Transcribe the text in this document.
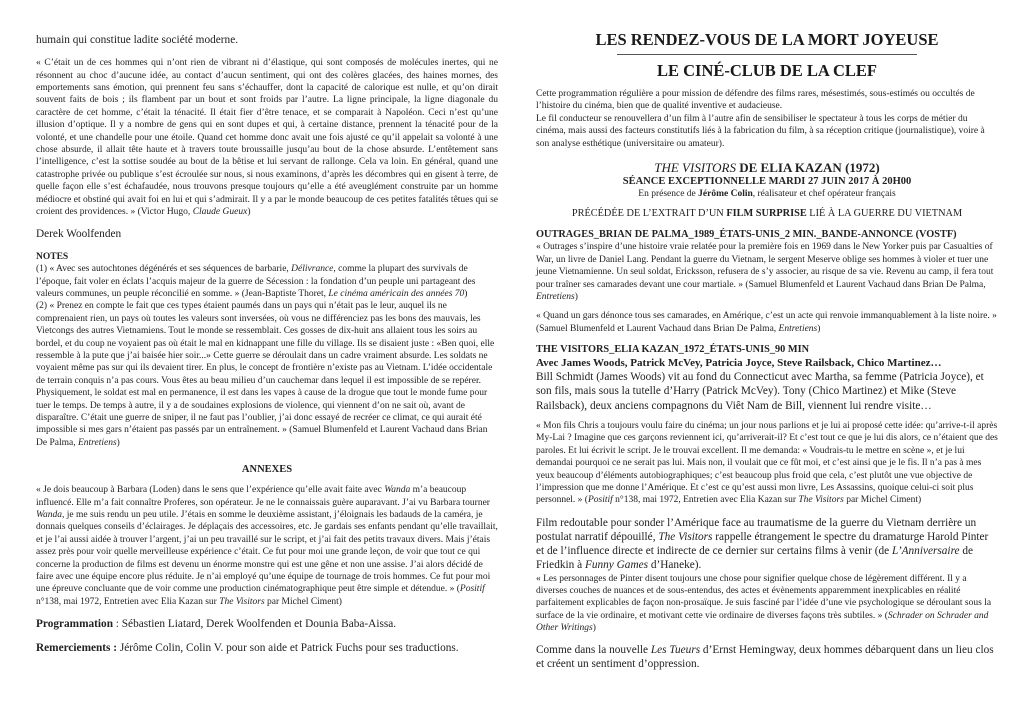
humain qui constitue ladite société moderne.

« C’était un de ces hommes qui n’ont rien de vibrant ni d’élastique, qui sont composés de molécules inertes, qui ne résonnent au choc d’aucune idée, au contact d’aucun sentiment, qui ont des colères glacées, des haines mornes, des emportements sans émotion, qui prennent feu sans s’échauffer, dont la capacité de calorique est nulle, et qu’on dirait souvent faits de bois ; ils flambent par un bout et sont froids par l’autre. La ligne principale, la ligne diagonale du caractère de cet homme, c’était la ténacité. Il était fier d’être tenace, et se comparait à Napoléon. Ceci n’est qu’une illusion d’optique. Il y a nombre de gens qui en sont dupes et qui, à certaine distance, prennent la ténacité pour de la volonté, et une chandelle pour une étoile. Quand cet homme donc avait une fois ajusté ce qu’il appelait sa volonté à une chose absurde, il allait tête haute et à travers toute broussaille jusqu’au bout de la chose absurde. L’entêtement sans l’intelligence, c’est la sottise soudée au bout de la bêtise et lui servant de rallonge. Cela va loin. En général, quand une catastrophe privée ou publique s’est écroulée sur nous, si nous examinons, d’après les décombres qui en gisent à terre, de quelle façon elle s’est échafaudée, nous trouvons presque toujours qu’elle a été aveuglément construite par un homme médiocre et obstiné qui avait foi en lui et qui s’admirait. Il y a par le monde beaucoup de ces petites fatalités têtues qui se croient des providences. » (Victor Hugo, Claude Gueux)

Derek Woolfenden

NOTES

(1) « Avec ses autochtones dégénérés et ses séquences de barbarie, Délivrance, comme la plupart des survivals de l’époque, fait voler en éclats l’acquis majeur de la guerre de Sécession : la fondation d’un peuple uni partageant des valeurs communes, un peuple réconcilié en somme. » (Jean-Baptiste Thoret, Le cinéma américain des années 70)

(2) « Prenez en compte le fait que ces types étaient paumés dans un pays qui n’était pas le leur, auquel ils ne comprenaient rien, un pays où toutes les valeurs sont inversées, où vous ne différenciez pas les bons des mauvais, les Vietcongs des autres Vietnamiens. Tout le monde se ressemblait. Ces gosses de dix-huit ans allaient tous les soirs au bordel, et du coup ne voyaient pas où était le mal en kidnappant une fille du village. Ils se disaient juste : «Ben quoi, elle ressemble à la pute que j’ai baisée hier soir...» Cette guerre se déroulait dans un cadre vraiment absurde. Les soldats ne voyaient même pas sur qui ils devaient tirer. En plus, le concept de frontière n’existe pas au Vietnam. L’idée occidentale de terrain conquis n’a pas cours. Vous êtes au beau milieu d’un cauchemar dans lequel il est impossible de se repérer. Physiquement, le soldat est mal en permanence, il est dans les vapes à cause de la drogue que tout le monde fume pour tuer le temps. De temps à autre, il y a de soudaines explosions de violence, qui viennent d’on ne sait où, avant de disparaître. C’était une guerre de sniper, il ne faut pas l’oublier, j’ai donc essayé de recréer ce climat, ce qui aurait été impossible si mes gars n’étaient pas passés par un entraînement. » (Samuel Blumenfeld et Laurent Vachaud dans Brian De Palma, Entretiens)

ANNEXES

« Je dois beaucoup à Barbara (Loden) dans le sens que l’expérience qu’elle avait faite avec Wanda m’a beaucoup influencé. Elle m’a fait connaître Proferes, son opérateur. Je ne le connaissais guère auparavant. J’ai vu Barbara tourner Wanda, je me suis rendu un peu utile. J’étais en somme le deuxième assistant, j’éloignais les badauds de la caméra, je donnais quelques conseils d’éclairages. Je déplaçais des accessoires, etc. Je gardais ses enfants pendant qu’elle travaillait, et je l’ai aussi aidée à trouver l’argent, j’ai un peu travaillé sur le script, et j’ai fait des petits travaux divers. Mais j’étais assez près pour voir quelle merveilleuse expérience c’était. Ce fut pour moi une grande leçon, de voir que tout ce qui concerne la production de films est devenu un énorme monstre qui est une gêne et non une assise. J’ai alors décidé de faire avec une équipe encore plus réduite. Je n’ai employé qu’une équipe de tournage de trois hommes. Ce fut pour moi une épreuve concluante que de voir comme une production cinématographique peut être simple et détendue. » (Positif n°138, mai 1972, Entretien avec Elia Kazan sur The Visitors par Michel Ciment)

Programmation : Sébastien Liatard, Derek Woolfenden et Dounia Baba-Aissa.

Remerciements : Jérôme Colin, Colin V. pour son aide et Patrick Fuchs pour ses traductions.

LES RENDEZ-VOUS DE LA MORT JOYEUSE

LE CINÉ-CLUB DE LA CLEF

Cette programmation régulière a pour mission de défendre des films rares, mésestimés, sous-estimés ou occultés de l’histoire du cinéma, bien que de qualité inventive et audacieuse.

Le fil conducteur se renouvellera d’un film à l’autre afin de sensibiliser le spectateur à tous les corps de métier du cinéma, mais aussi des facteurs constitutifs liés à la fabrication du film, à sa réception critique (journalistique), voire à son analyse esthétique (universitaire ou amateur).

THE VISITORS DE ELIA KAZAN (1972)

SÉANCE EXCEPTIONNELLE MARDI 27 JUIN 2017 À 20H00

En présence de Jérôme Colin, réalisateur et chef opérateur français

PRÉCÉDÉE DE L’EXTRAIT D’UN FILM SURPRISE LIÉ À LA GUERRE DU VIETNAM

OUTRAGES_BRIAN DE PALMA_1989_ÉTATS-UNIS_2 MIN._BANDE-ANNONCE (VOSTF)

« Outrages s’inspire d’une histoire vraie relatée pour la première fois en 1969 dans le New Yorker puis par Casualties of War, un livre de Daniel Lang. Pendant la guerre du Vietnam, le sergent Meserve oblige ses hommes à violer et tuer une jeune Vietnamienne. Un seul soldat, Ericksson, refusera de s’y associer, au risque de sa vie. Revenu au camp, il fera tout pour traîner ses camarades devant une cour martiale. » (Samuel Blumenfeld et Laurent Vachaud dans Brian De Palma, Entretiens)

« Quand un gars dénonce tous ses camarades, en Amérique, c’est un acte qui renvoie immanquablement à la liste noire. » (Samuel Blumenfeld et Laurent Vachaud dans Brian De Palma, Entretiens)

THE VISITORS_ELIA KAZAN_1972_ÉTATS-UNIS_90 MIN

Avec James Woods, Patrick McVey, Patricia Joyce, Steve Railsback, Chico Martinez…

Bill Schmidt (James Woods) vit au fond du Connecticut avec Martha, sa femme (Patricia Joyce), et son fils, mais sous la tutelle d’Harry (Patrick McVey). Tony (Chico Martinez) et Mike (Steve Railsback), deux anciens compagnons du Viêt Nam de Bill, viennent lui rendre visite…

« Mon fils Chris a toujours voulu faire du cinéma; un jour nous parlions et je lui ai proposé cette idée: qu’arrive-t-il après My-Lai ? Imagine que ces garçons reviennent ici, qu’arriverait-il? Et c’est tout ce que je lui dis alors, ce n’étaient que des paroles. Et lui écrivit le script. Je le trouvai excellent. Il me demanda: « Voudrais-tu le mettre en scène », et je lui demandai pourquoi ce ne serait pas lui. Mais non, il voulait que ce fût moi, et c’est ainsi que je le fis. Il n’a pas à mes yeux beaucoup d’éléments autobiographiques; c’est beaucoup plus froid que cela, c’est plutôt une vue objective de l’impression que me donne l’Amérique. Et c’est ce qu’est aussi mon livre, Les Assassins, quoique celui-ci soit plus personnel. » (Positif n°138, mai 1972, Entretien avec Elia Kazan sur The Visitors par Michel Ciment)

Film redoutable pour sonder l’Amérique face au traumatisme de la guerre du Vietnam derrière un postulat narratif dépouillé, The Visitors rappelle étrangement le spectre du dramaturge Harold Pinter et de l’influence directe et indirecte de ce dernier sur certains films à venir (de L’Anniversaire de Friedkin à Funny Games d’Haneke).

« Les personnages de Pinter disent toujours une chose pour signifier quelque chose de légèrement différent. Il y a diverses couches de nuances et de sous-entendus, des actes et évènements apparemment inexplicables en réalité parfaitement explicables de façon non-prosaïque. Je suis fasciné par l’idée d’une vie psychologique se déroulant sous la surface de la vie ordinaire, et motivant cette vie ordinaire de diverses façons très subtiles. » (Schrader on Schrader and Other Writings)

Comme dans la nouvelle Les Tueurs d’Ernst Hemingway, deux hommes débarquent dans un lieu clos et créent un sentiment d’oppression.
